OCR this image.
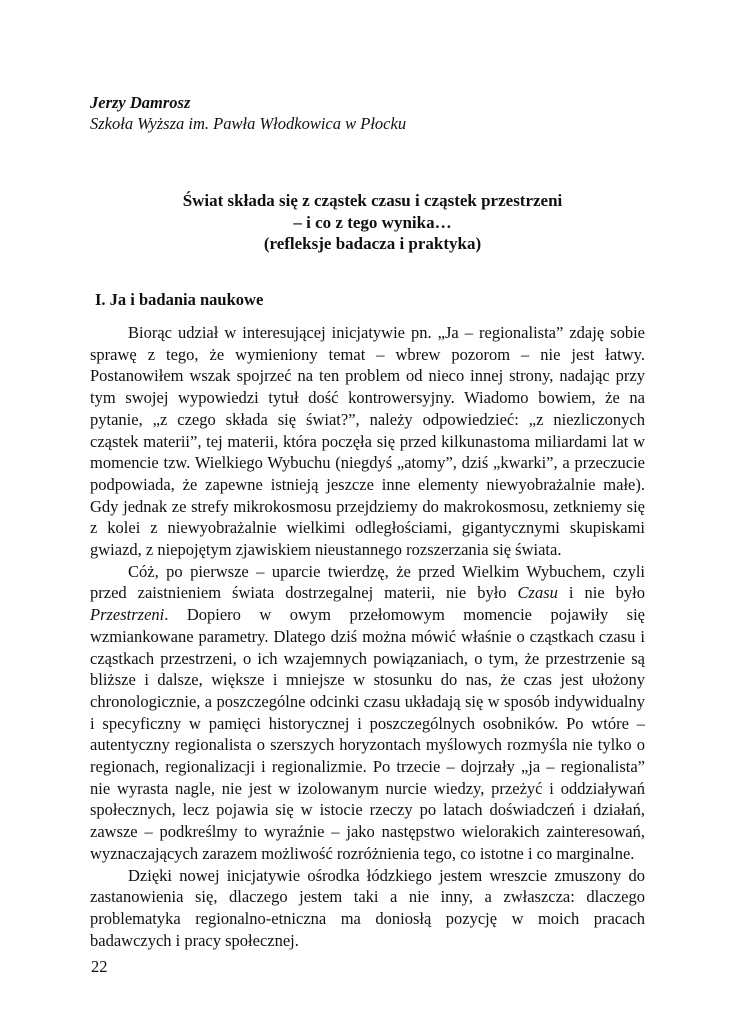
Jerzy Damrosz
Szkoła Wyższa im. Pawła Włodkowica w Płocku
Świat składa się z cząstek czasu i cząstek przestrzeni
– i co z tego wynika…
(refleksje badacza i praktyka)
I. Ja i badania naukowe

Biorąc udział w interesującej inicjatywie pn. „Ja – regionalista” zdaję sobie sprawę z tego, że wymieniony temat – wbrew pozorom – nie jest łatwy. Postanowiłem wszak spojrzeć na ten problem od nieco innej strony, nadając przy tym swojej wypowiedzi tytuł dość kontrowersyjny. Wiadomo bowiem, że na pytanie, „z czego składa się świat?”, należy odpowiedzieć: „z niezliczonych cząstek materii”, tej materii, która poczęła się przed kilkunastoma miliardami lat w momencie tzw. Wielkiego Wybuchu (niegdyś „atomy”, dziś „kwarki”, a przeczucie podpowiada, że zapewne istnieją jeszcze inne elementy niewyobrażalnie małe). Gdy jednak ze strefy mikrokosmosu przejdziemy do makrokosmosu, zetkniemy się z kolei z niewyobrażalnie wielkimi odległościami, gigantycznymi skupiskami gwiazd, z niepojętym zjawiskiem nieustannego rozszerzania się świata.

Cóż, po pierwsze – uparcie twierdzę, że przed Wielkim Wybuchem, czyli przed zaistnieniem świata dostrzegalnej materii, nie było Czasu i nie było Przestrzeni. Dopiero w owym przełomowym momencie pojawiły się wzmiankowane parametry. Dlatego dziś można mówić właśnie o cząstkach czasu i cząstkach przestrzeni, o ich wzajemnych powiązaniach, o tym, że przestrzenie są bliższe i dalsze, większe i mniejsze w stosunku do nas, że czas jest ułożony chronologicznie, a poszczególne odcinki czasu układają się w sposób indywidualny i specyficzny w pamięci historycznej i poszczególnych osobników. Po wtóre – autentyczny regionalista o szerszych horyzontach myślowych rozmyśla nie tylko o regionach, regionalizacji i regionalizmie. Po trzecie – dojrzały „ja – regionalista” nie wyrasta nagle, nie jest w izolowanym nurcie wiedzy, przeżyć i oddziaływań społecznych, lecz pojawia się w istocie rzeczy po latach doświadczeń i działań, zawsze – podkreślmy to wyraźnie – jako następstwo wielorakich zainteresowań, wyznaczających zarazem możliwość rozróżnienia tego, co istotne i co marginalne.

Dzięki nowej inicjatywie ośrodka łódzkiego jestem wreszcie zmuszony do zastanowienia się, dlaczego jestem taki a nie inny, a zwłaszcza: dlaczego problematyka regionalno-etniczna ma doniosłą pozycję w moich pracach badawczych i pracy społecznej.

22
